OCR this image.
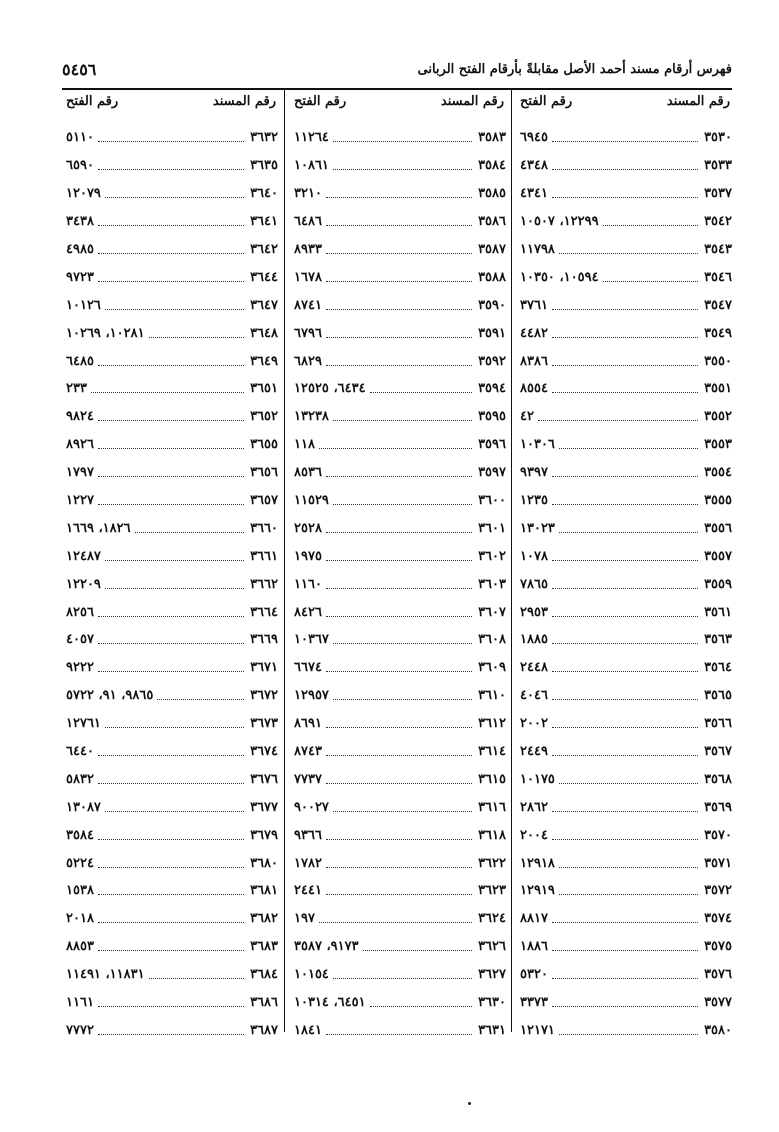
فهرس أرقام مسند أحمد الأصل مقابلةً بأرقام الفتح الربانى
٥٤٥٦
رقم المسند
رقم الفتح
٣٥٣٠
٦٩٤٥
٣٥٣٣
٤٣٤٨
٣٥٣٧
٤٣٤١
٣٥٤٢
١٢٢٩٩، ١٠٥٠٧
٣٥٤٣
١١٧٩٨
٣٥٤٦
١٠٥٩٤، ١٠٣٥٠
٣٥٤٧
٣٧٦١
٣٥٤٩
٤٤٨٢
٣٥٥٠
٨٣٨٦
٣٥٥١
٨٥٥٤
٣٥٥٢
٤٢
٣٥٥٣
١٠٣٠٦
٣٥٥٤
٩٣٩٧
٣٥٥٥
١٢٣٥
٣٥٥٦
١٣٠٢٣
٣٥٥٧
١٠٧٨
٣٥٥٩
٧٨٦٥
٣٥٦١
٢٩٥٣
٣٥٦٣
١٨٨٥
٣٥٦٤
٢٤٤٨
٣٥٦٥
٤٠٤٦
٣٥٦٦
٢٠٠٢
٣٥٦٧
٢٤٤٩
٣٥٦٨
١٠١٧٥
٣٥٦٩
٢٨٦٢
٣٥٧٠
٢٠٠٤
٣٥٧١
١٢٩١٨
٣٥٧٢
١٢٩١٩
٣٥٧٤
٨٨١٧
٣٥٧٥
١٨٨٦
٣٥٧٦
٥٣٢٠
٣٥٧٧
٣٣٧٣
٣٥٨٠
١٢١٧١
رقم المسند
رقم الفتح
٣٥٨٣
١١٢٦٤
٣٥٨٤
١٠٨٦١
٣٥٨٥
٣٢١٠
٣٥٨٦
٦٤٨٦
٣٥٨٧
٨٩٣٣
٣٥٨٨
١٦٧٨
٣٥٩٠
٨٧٤١
٣٥٩١
٦٧٩٦
٣٥٩٢
٦٨٢٩
٣٥٩٤
٦٤٣٤، ١٢٥٢٥
٣٥٩٥
١٣٢٣٨
٣٥٩٦
١١٨
٣٥٩٧
٨٥٣٦
٣٦٠٠
١١٥٢٩
٣٦٠١
٢٥٢٨
٣٦٠٢
١٩٧٥
٣٦٠٣
١١٦٠
٣٦٠٧
٨٤٢٦
٣٦٠٨
١٠٣٦٧
٣٦٠٩
٦٦٧٤
٣٦١٠
١٢٩٥٧
٣٦١٢
٨٦٩١
٣٦١٤
٨٧٤٣
٣٦١٥
٧٧٣٧
٣٦١٦
٩٠٠٢٧
٣٦١٨
٩٣٦٦
٣٦٢٢
١٧٨٢
٣٦٢٣
٢٤٤١
٣٦٢٤
١٩٧
٣٦٢٦
٩١٧٣، ٣٥٨٧
٣٦٢٧
١٠١٥٤
٣٦٣٠
٦٤٥١، ١٠٣١٤
٣٦٣١
١٨٤١
رقم المسند
رقم الفتح
٣٦٣٢
٥١١٠
٣٦٣٥
٦٥٩٠
٣٦٤٠
١٢٠٧٩
٣٦٤١
٣٤٣٨
٣٦٤٢
٤٩٨٥
٣٦٤٤
٩٧٢٣
٣٦٤٧
١٠١٢٦
٣٦٤٨
١٠٢٨١، ١٠٢٦٩
٣٦٤٩
٦٤٨٥
٣٦٥١
٢٣٣
٣٦٥٢
٩٨٢٤
٣٦٥٥
٨٩٢٦
٣٦٥٦
١٧٩٧
٣٦٥٧
١٢٢٧
٣٦٦٠
١٨٢٦، ١٦٦٩
٣٦٦١
١٢٤٨٧
٣٦٦٢
١٢٢٠٩
٣٦٦٤
٨٢٥٦
٣٦٦٩
٤٠٥٧
٣٦٧١
٩٢٢٢
٣٦٧٢
٩٨٦٥، ٩١، ٥٧٢٢
٣٦٧٣
١٢٧٦١
٣٦٧٤
٦٤٤٠
٣٦٧٦
٥٨٣٢
٣٦٧٧
١٣٠٨٧
٣٦٧٩
٣٥٨٤
٣٦٨٠
٥٢٢٤
٣٦٨١
١٥٣٨
٣٦٨٢
٢٠١٨
٣٦٨٣
٨٨٥٣
٣٦٨٤
١١٨٣١، ١١٤٩١
٣٦٨٦
١١٦١
٣٦٨٧
٧٧٧٢
